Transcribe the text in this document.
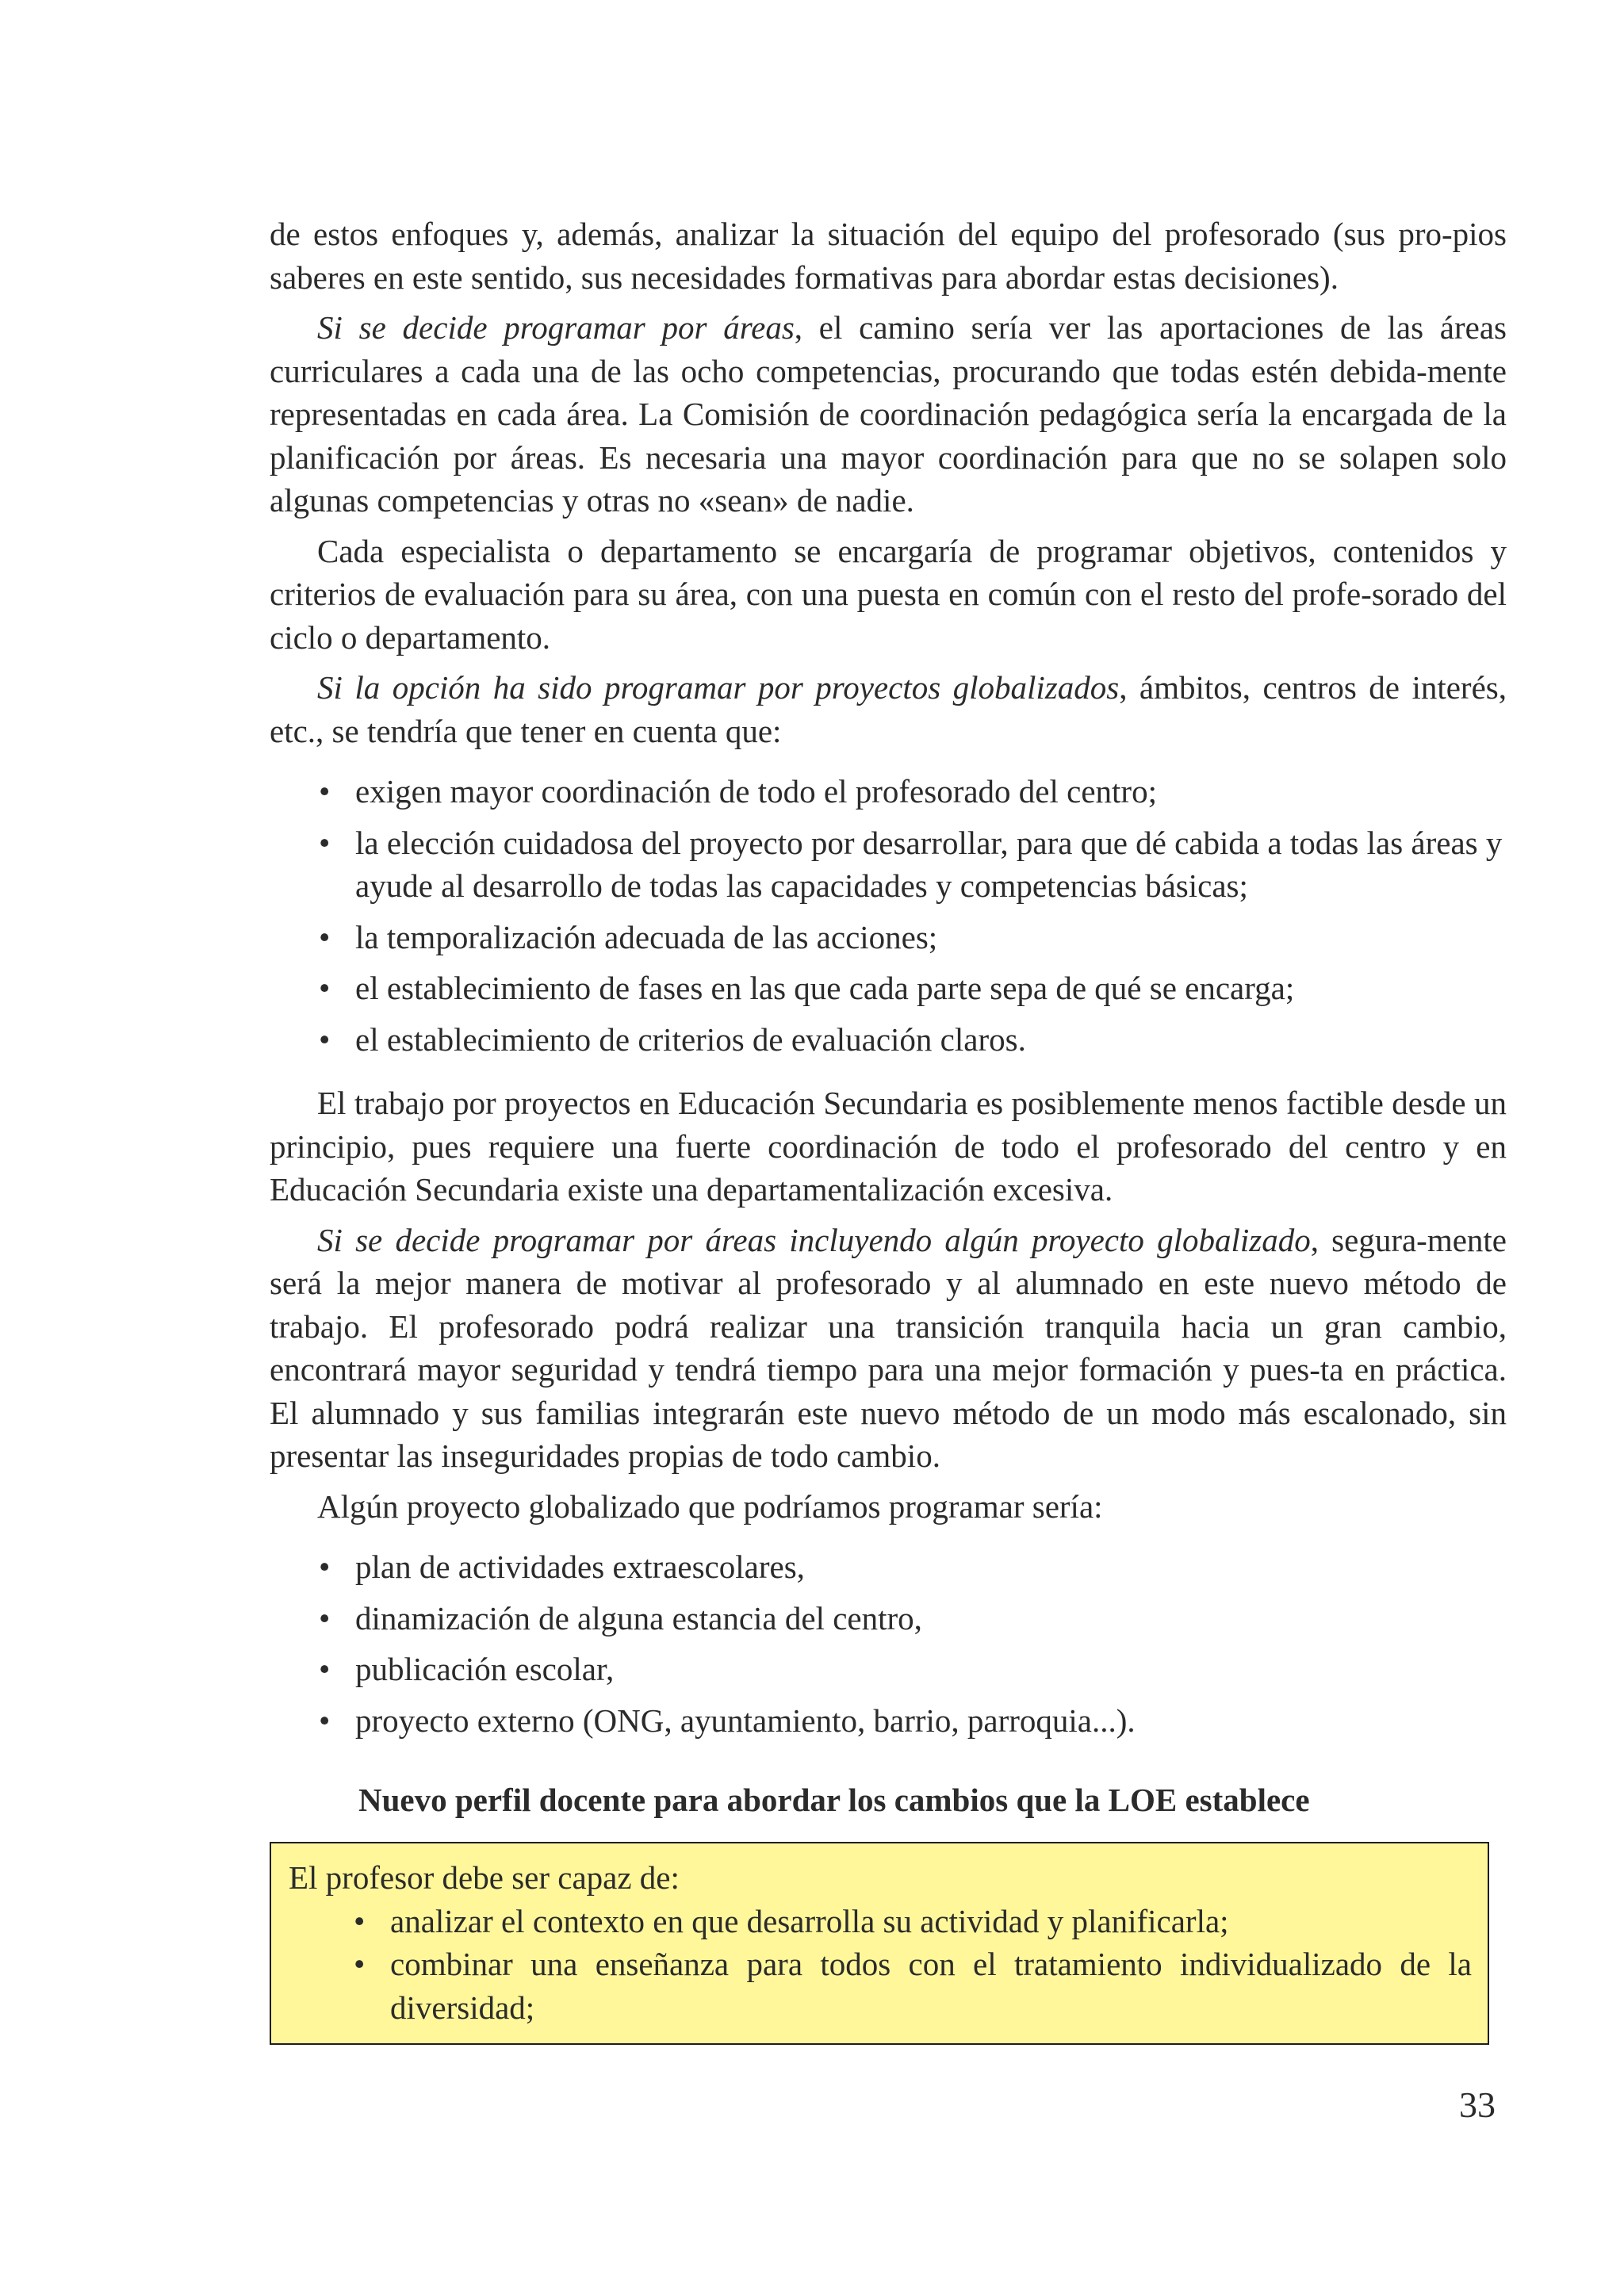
de estos enfoques y, además, analizar la situación del equipo del profesorado (sus pro-pios saberes en este sentido, sus necesidades formativas para abordar estas decisiones).

Si se decide programar por áreas, el camino sería ver las aportaciones de las áreas curriculares a cada una de las ocho competencias, procurando que todas estén debida-mente representadas en cada área. La Comisión de coordinación pedagógica sería la encargada de la planificación por áreas. Es necesaria una mayor coordinación para que no se solapen solo algunas competencias y otras no «sean» de nadie.

Cada especialista o departamento se encargaría de programar objetivos, contenidos y criterios de evaluación para su área, con una puesta en común con el resto del profe-sorado del ciclo o departamento.

Si la opción ha sido programar por proyectos globalizados, ámbitos, centros de interés, etc., se tendría que tener en cuenta que:

• exigen mayor coordinación de todo el profesorado del centro;
• la elección cuidadosa del proyecto por desarrollar, para que dé cabida a todas las áreas y ayude al desarrollo de todas las capacidades y competencias básicas;
• la temporalización adecuada de las acciones;
• el establecimiento de fases en las que cada parte sepa de qué se encarga;
• el establecimiento de criterios de evaluación claros.

El trabajo por proyectos en Educación Secundaria es posiblemente menos factible desde un principio, pues requiere una fuerte coordinación de todo el profesorado del centro y en Educación Secundaria existe una departamentalización excesiva.

Si se decide programar por áreas incluyendo algún proyecto globalizado, segura-mente será la mejor manera de motivar al profesorado y al alumnado en este nuevo método de trabajo. El profesorado podrá realizar una transición tranquila hacia un gran cambio, encontrará mayor seguridad y tendrá tiempo para una mejor formación y pues-ta en práctica. El alumnado y sus familias integrarán este nuevo método de un modo más escalonado, sin presentar las inseguridades propias de todo cambio.

Algún proyecto globalizado que podríamos programar sería:

• plan de actividades extraescolares,
• dinamización de alguna estancia del centro,
• publicación escolar,
• proyecto externo (ONG, ayuntamiento, barrio, parroquia...).
Nuevo perfil docente para abordar los cambios que la LOE establece

El profesor debe ser capaz de:

• analizar el contexto en que desarrolla su actividad y planificarla;
• combinar una enseñanza para todos con el tratamiento individualizado de la diversidad;
33
